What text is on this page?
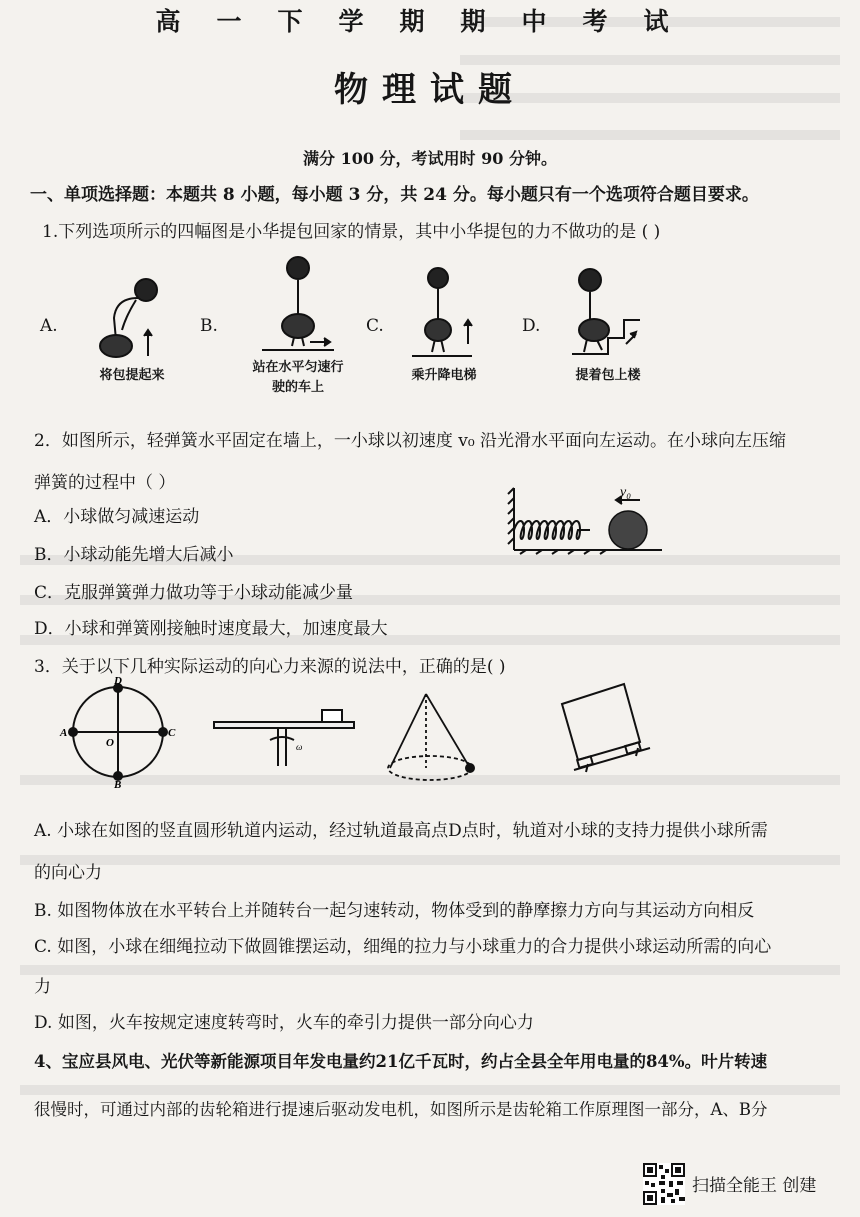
高一下学期期中考试
物理试题
满分 100 分，考试用时 90 分钟。
一、单项选择题：本题共 8 小题，每小题 3 分，共 24 分。每小题只有一个选项符合题目要求。
1.下列选项所示的四幅图是小华提包回家的情景，其中小华提包的力不做功的是 ( )
A.
将包提起来
B.
站在水平匀速行驶的车上
C.
乘升降电梯
D.
提着包上楼
2．如图所示，轻弹簧水平固定在墙上，一小球以初速度 v₀ 沿光滑水平面向左运动。在小球向左压缩
弹簧的过程中（ ）	v₀
A．小球做匀减速运动
B．小球动能先增大后减小
C．克服弹簧弹力做功等于小球动能减少量
D．小球和弹簧刚接触时速度最大，加速度最大
3．关于以下几种实际运动的向心力来源的说法中，正确的是( )
D
A
O
C
B
ω
A. 小球在如图的竖直圆形轨道内运动，经过轨道最高点D点时，轨道对小球的支持力提供小球所需
的向心力
B. 如图物体放在水平转台上并随转台一起匀速转动，物体受到的静摩擦力方向与其运动方向相反
C. 如图，小球在细绳拉动下做圆锥摆运动，细绳的拉力与小球重力的合力提供小球运动所需的向心
力
D. 如图，火车按规定速度转弯时，火车的牵引力提供一部分向心力
4、宝应县风电、光伏等新能源项目年发电量约21亿千瓦时，约占全县全年用电量的84%。叶片转速
很慢时，可通过内部的齿轮箱进行提速后驱动发电机，如图所示是齿轮箱工作原理图一部分，A、B分
扫描全能王 创建
